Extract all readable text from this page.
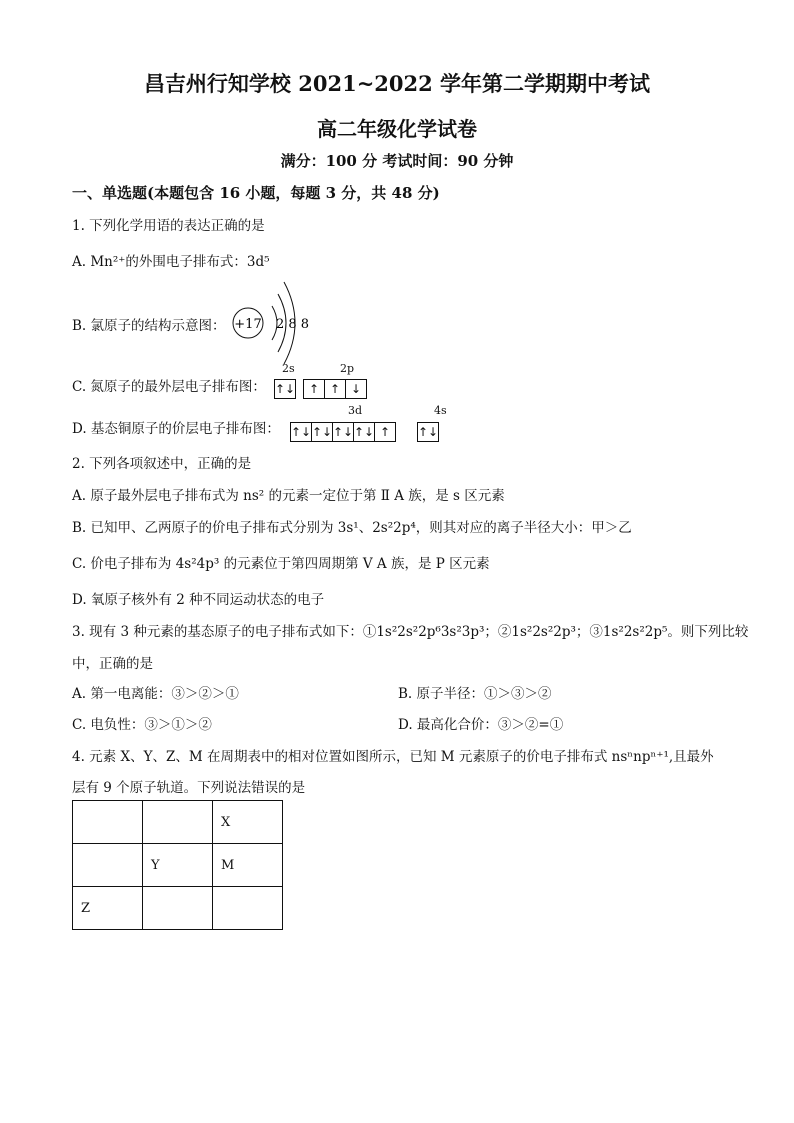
昌吉州行知学校 2021~2022 学年第二学期期中考试
高二年级化学试卷
满分：100 分 考试时间：90 分钟
一、单选题(本题包含 16 小题，每题 3 分，共 48 分)
1. 下列化学用语的表达正确的是
A. Mn²⁺的外围电子排布式：3d⁵
B. 氯原子的结构示意图： +17 2 8 8
C. 氮原子的最外层电子排布图：
2s	2p
↑↓ ↑ ↑ ↓
D. 基态铜原子的价层电子排布图：
3d	4s
↑↓↑↓↑↓↑↓ ↑ ↑↓
2. 下列各项叙述中，正确的是
A. 原子最外层电子排布式为 ns² 的元素一定位于第 Ⅱ A 族，是 s 区元素
B. 已知甲、乙两原子的价电子排布式分别为 3s¹、2s²2p⁴，则其对应的离子半径大小：甲＞乙
C. 价电子排布为 4s²4p³ 的元素位于第四周期第 Ⅴ A 族，是 P 区元素
D. 氧原子核外有 2 种不同运动状态的电子
3. 现有 3 种元素的基态原子的电子排布式如下：①1s²2s²2p⁶3s²3p³；②1s²2s²2p³；③1s²2s²2p⁵。则下列比较
中，正确的是
A. 第一电离能：③＞②＞①	B. 原子半径：①＞③＞②
C. 电负性：③＞①＞②	D. 最高化合价：③＞②=①
4. 元素 X、Y、Z、M 在周期表中的相对位置如图所示，已知 M 元素原子的价电子排布式 nsⁿnpⁿ⁺¹,且最外
层有 9 个原子轨道。下列说法错误的是
		X
	Y	M
Z		
